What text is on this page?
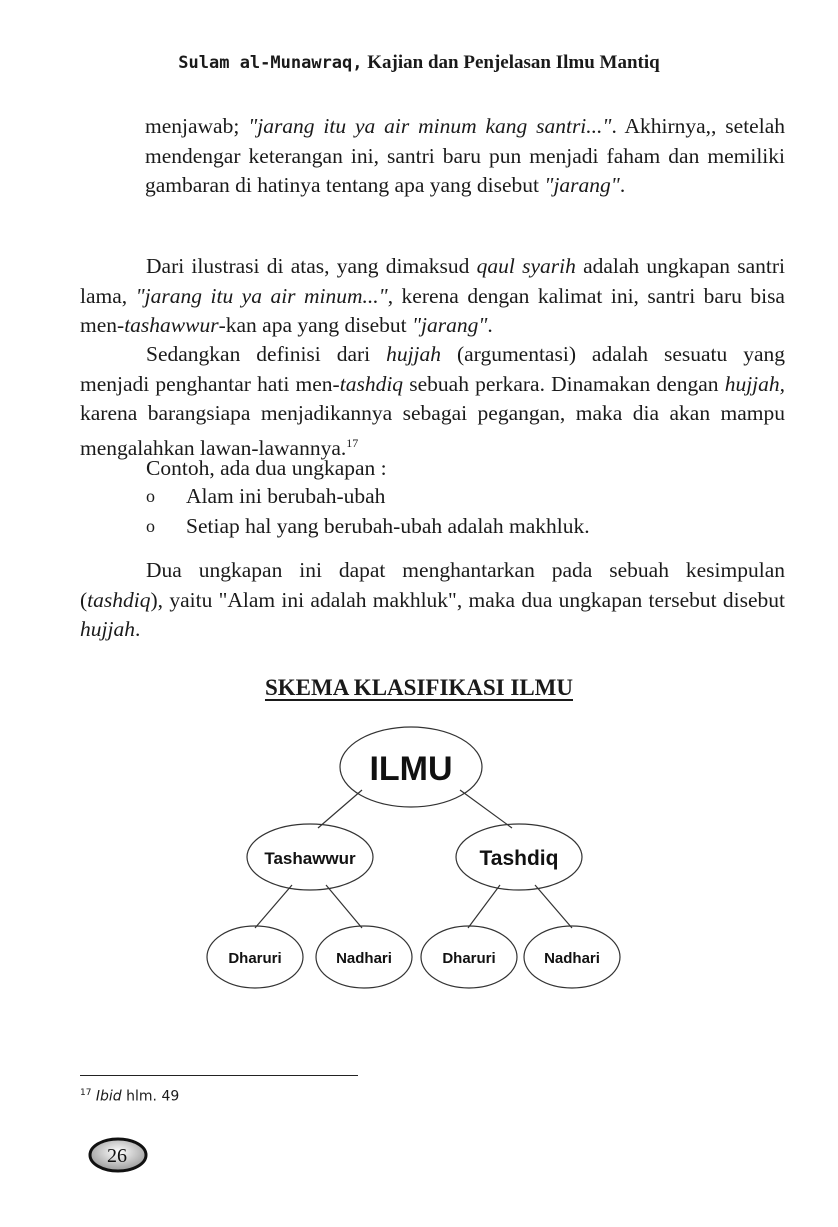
Sulam al-Munawraq, Kajian dan Penjelasan Ilmu Mantiq
menjawab; "jarang itu ya air minum kang santri...". Akhirnya,, setelah mendengar keterangan ini, santri baru pun menjadi faham dan memiliki gambaran di hatinya tentang apa yang disebut "jarang".
Dari ilustrasi di atas, yang dimaksud qaul syarih adalah ungkapan santri lama, "jarang itu ya air minum...", kerena dengan kalimat ini, santri baru bisa men-tashawwur-kan apa yang disebut "jarang".
Sedangkan definisi dari hujjah (argumentasi) adalah sesuatu yang menjadi penghantar hati men-tashdiq sebuah perkara. Dinamakan dengan hujjah, karena barangsiapa menjadikannya sebagai pegangan, maka dia akan mampu mengalahkan lawan-lawannya.$^{17}$
Contoh, ada dua ungkapan :
o	Alam ini berubah-ubah
o	Setiap hal yang berubah-ubah adalah makhluk.
Dua ungkapan ini dapat menghantarkan pada sebuah kesimpulan (tashdiq), yaitu "Alam ini adalah makhluk", maka dua ungkapan tersebut disebut hujjah.
SKEMA KLASIFIKASI ILMU
ILMU
Tashawwur	Tashdiq
Dharuri	Nadhari	Dharuri	Nadhari
$^{17}$ Ibid hlm. 49
26
